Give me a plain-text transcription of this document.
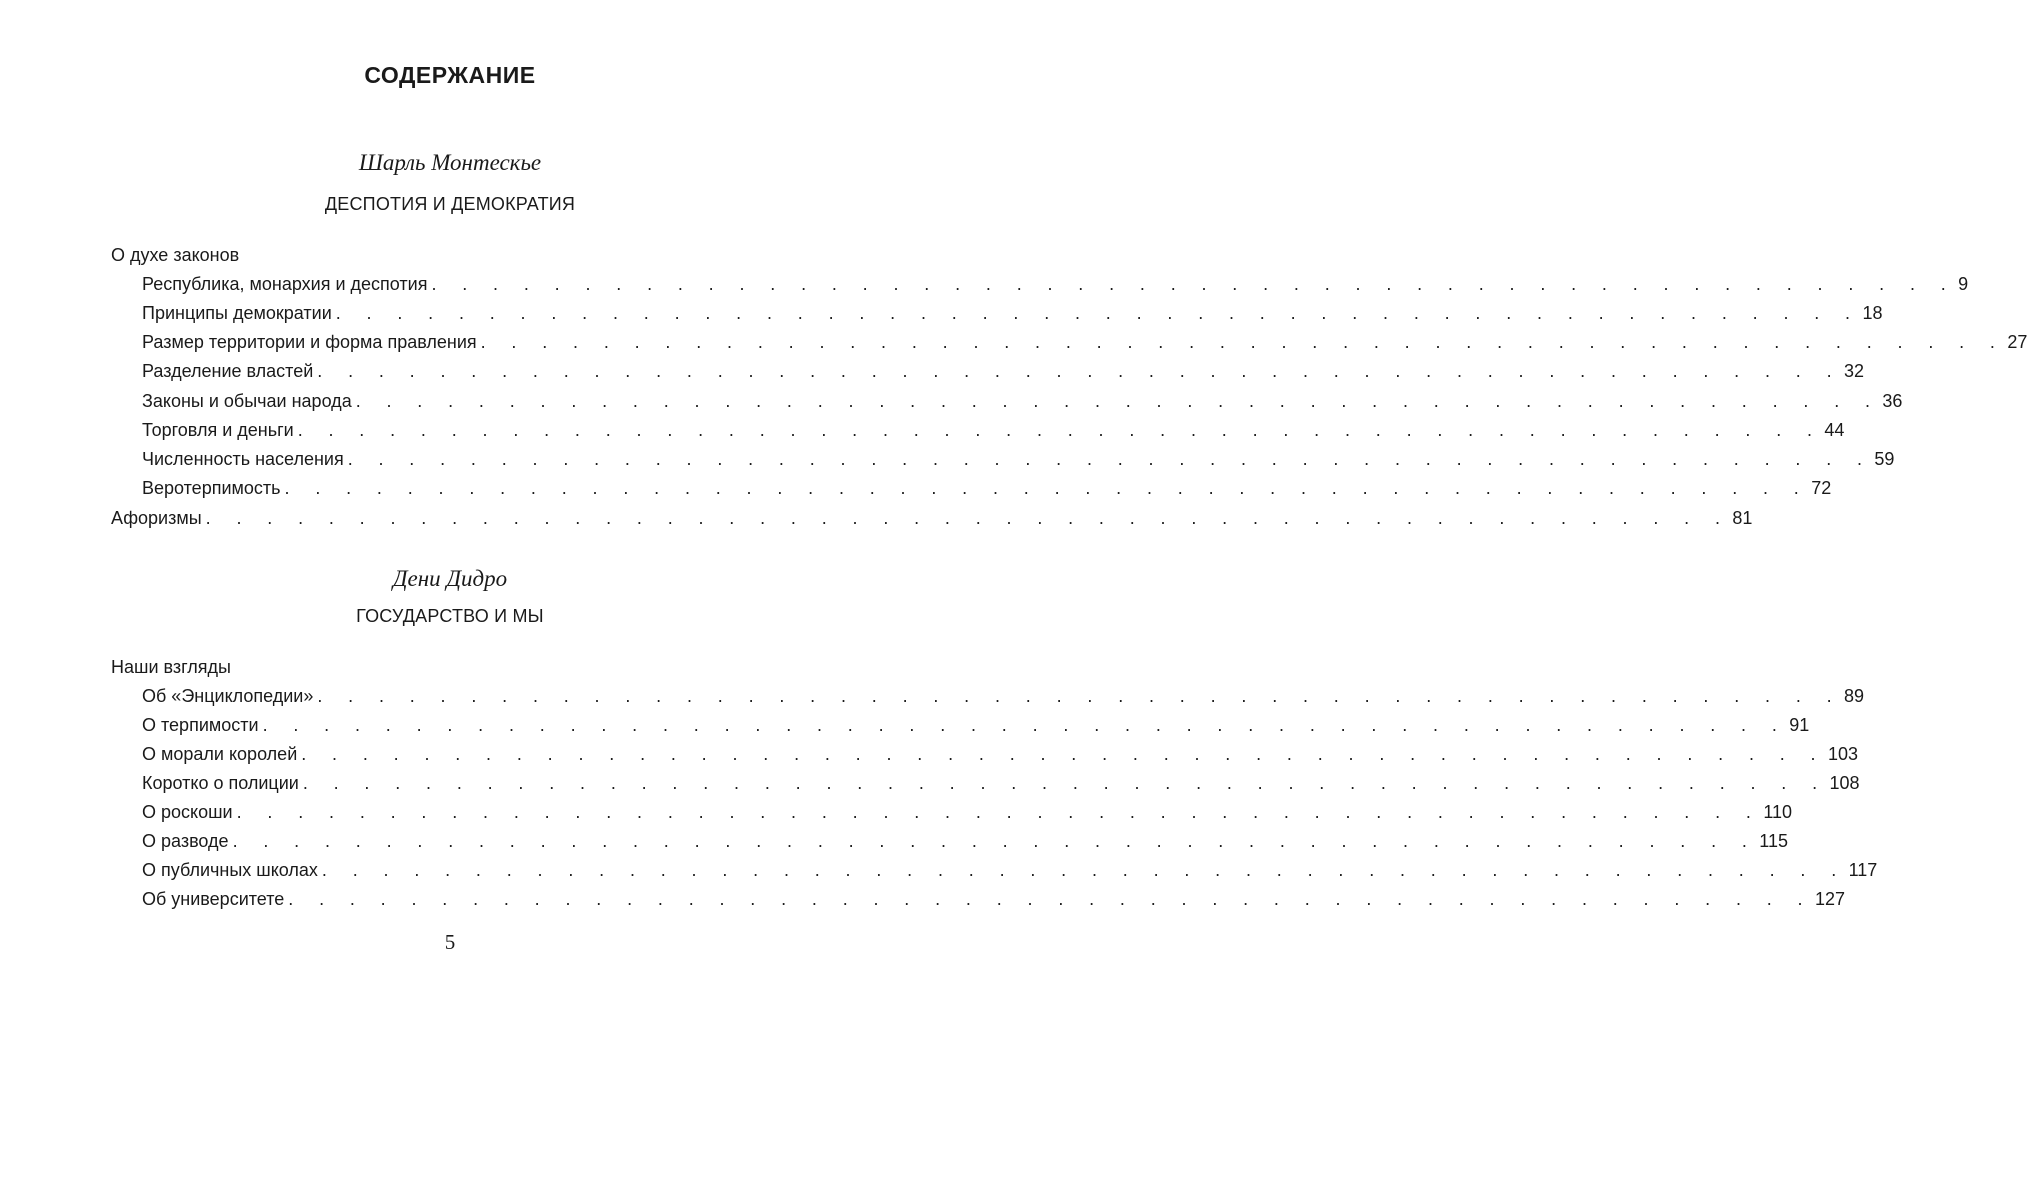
СОДЕРЖАНИЕ
Шарль Монтескье
ДЕСПОТИЯ И ДЕМОКРАТИЯ
О духе законов
Республика, монархия и деспотия . . . . . . . . . . . . . . . . . . . . . . . . . . . . . . . . . . . . . . . . . . . . . . . . . . 9
Принципы демократии . . . . . . . . . . . . . . . . . . . . . . . . . . . . . . . . . . . . . . . . . . . . . . . . . . 18
Размер территории и форма правления . . . . . . . . . . . . . . . . . . . . . . . . . . . . . . . . . . . . . . . . . . . . . . . . . . 27
Разделение властей . . . . . . . . . . . . . . . . . . . . . . . . . . . . . . . . . . . . . . . . . . . . . . . . . . 32
Законы и обычаи народа . . . . . . . . . . . . . . . . . . . . . . . . . . . . . . . . . . . . . . . . . . . . . . . . . . 36
Торговля и деньги . . . . . . . . . . . . . . . . . . . . . . . . . . . . . . . . . . . . . . . . . . . . . . . . . . 44
Численность населения . . . . . . . . . . . . . . . . . . . . . . . . . . . . . . . . . . . . . . . . . . . . . . . . . . 59
Веротерпимость . . . . . . . . . . . . . . . . . . . . . . . . . . . . . . . . . . . . . . . . . . . . . . . . . . 72
Афоризмы . . . . . . . . . . . . . . . . . . . . . . . . . . . . . . . . . . . . . . . . . . . . . . . . . . 81
Дени Дидро
ГОСУДАРСТВО И МЫ
Наши взгляды
Об «Энциклопедии» . . . . . . . . . . . . . . . . . . . . . . . . . . . . . . . . . . . . . . . . . . . . . . . . . . 89
О терпимости . . . . . . . . . . . . . . . . . . . . . . . . . . . . . . . . . . . . . . . . . . . . . . . . . . 91
О морали королей . . . . . . . . . . . . . . . . . . . . . . . . . . . . . . . . . . . . . . . . . . . . . . . . . . 103
Коротко о полиции . . . . . . . . . . . . . . . . . . . . . . . . . . . . . . . . . . . . . . . . . . . . . . . . . . 108
О роскоши . . . . . . . . . . . . . . . . . . . . . . . . . . . . . . . . . . . . . . . . . . . . . . . . . . 110
О разводе . . . . . . . . . . . . . . . . . . . . . . . . . . . . . . . . . . . . . . . . . . . . . . . . . . 115
О публичных школах . . . . . . . . . . . . . . . . . . . . . . . . . . . . . . . . . . . . . . . . . . . . . . . . . . 117
Об университете . . . . . . . . . . . . . . . . . . . . . . . . . . . . . . . . . . . . . . . . . . . . . . . . . . 127
5
